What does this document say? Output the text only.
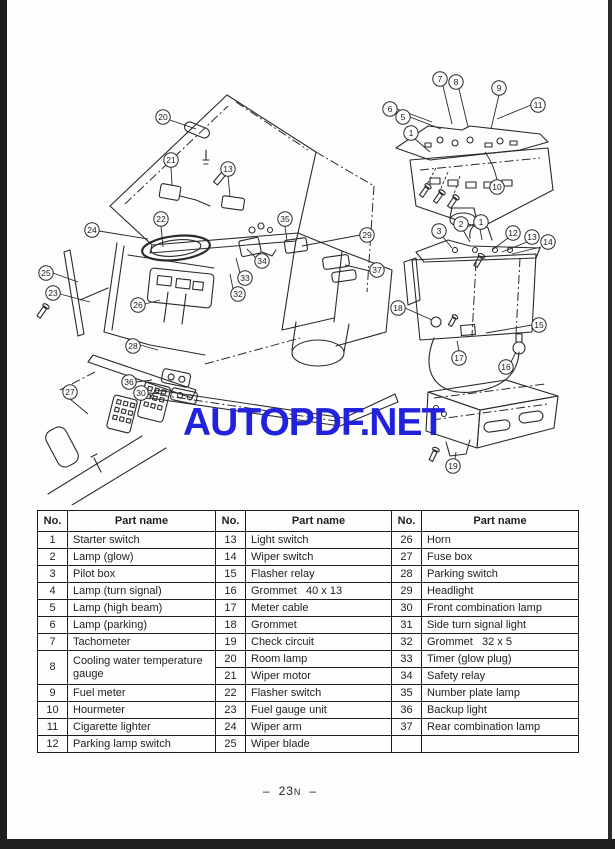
20
21
13
22
24
25
23
26
28
36
30
27
35
34
33
32
29
37
7 8
9
6
5
1
11
10
3
2 1
12 13 14
18
15
16
17
19
AUTOPDF.NET
No.	Part name	No.	Part name	No.	Part name
1	Starter switch	13	Light switch	26	Horn
2	Lamp (glow)	14	Wiper switch	27	Fuse box
3	Pilot box	15	Flasher relay	28	Parking switch
4	Lamp (turn signal)	16	Grommet   40 x 13	29	Headlight
5	Lamp (high beam)	17	Meter cable	30	Front combination lamp
6	Lamp (parking)	18	Grommet	31	Side turn signal light
7	Tachometer	19	Check circuit	32	Grommet   32 x 5
8	Cooling water temperature gauge	20	Room lamp	33	Timer (glow plug)
		21	Wiper motor	34	Safety relay
9	Fuel meter	22	Flasher switch	35	Number plate lamp
10	Hourmeter	23	Fuel gauge unit	36	Backup light
11	Cigarette lighter	24	Wiper arm	37	Rear combination lamp
12	Parking lamp switch	25	Wiper blade		
– 23N –
